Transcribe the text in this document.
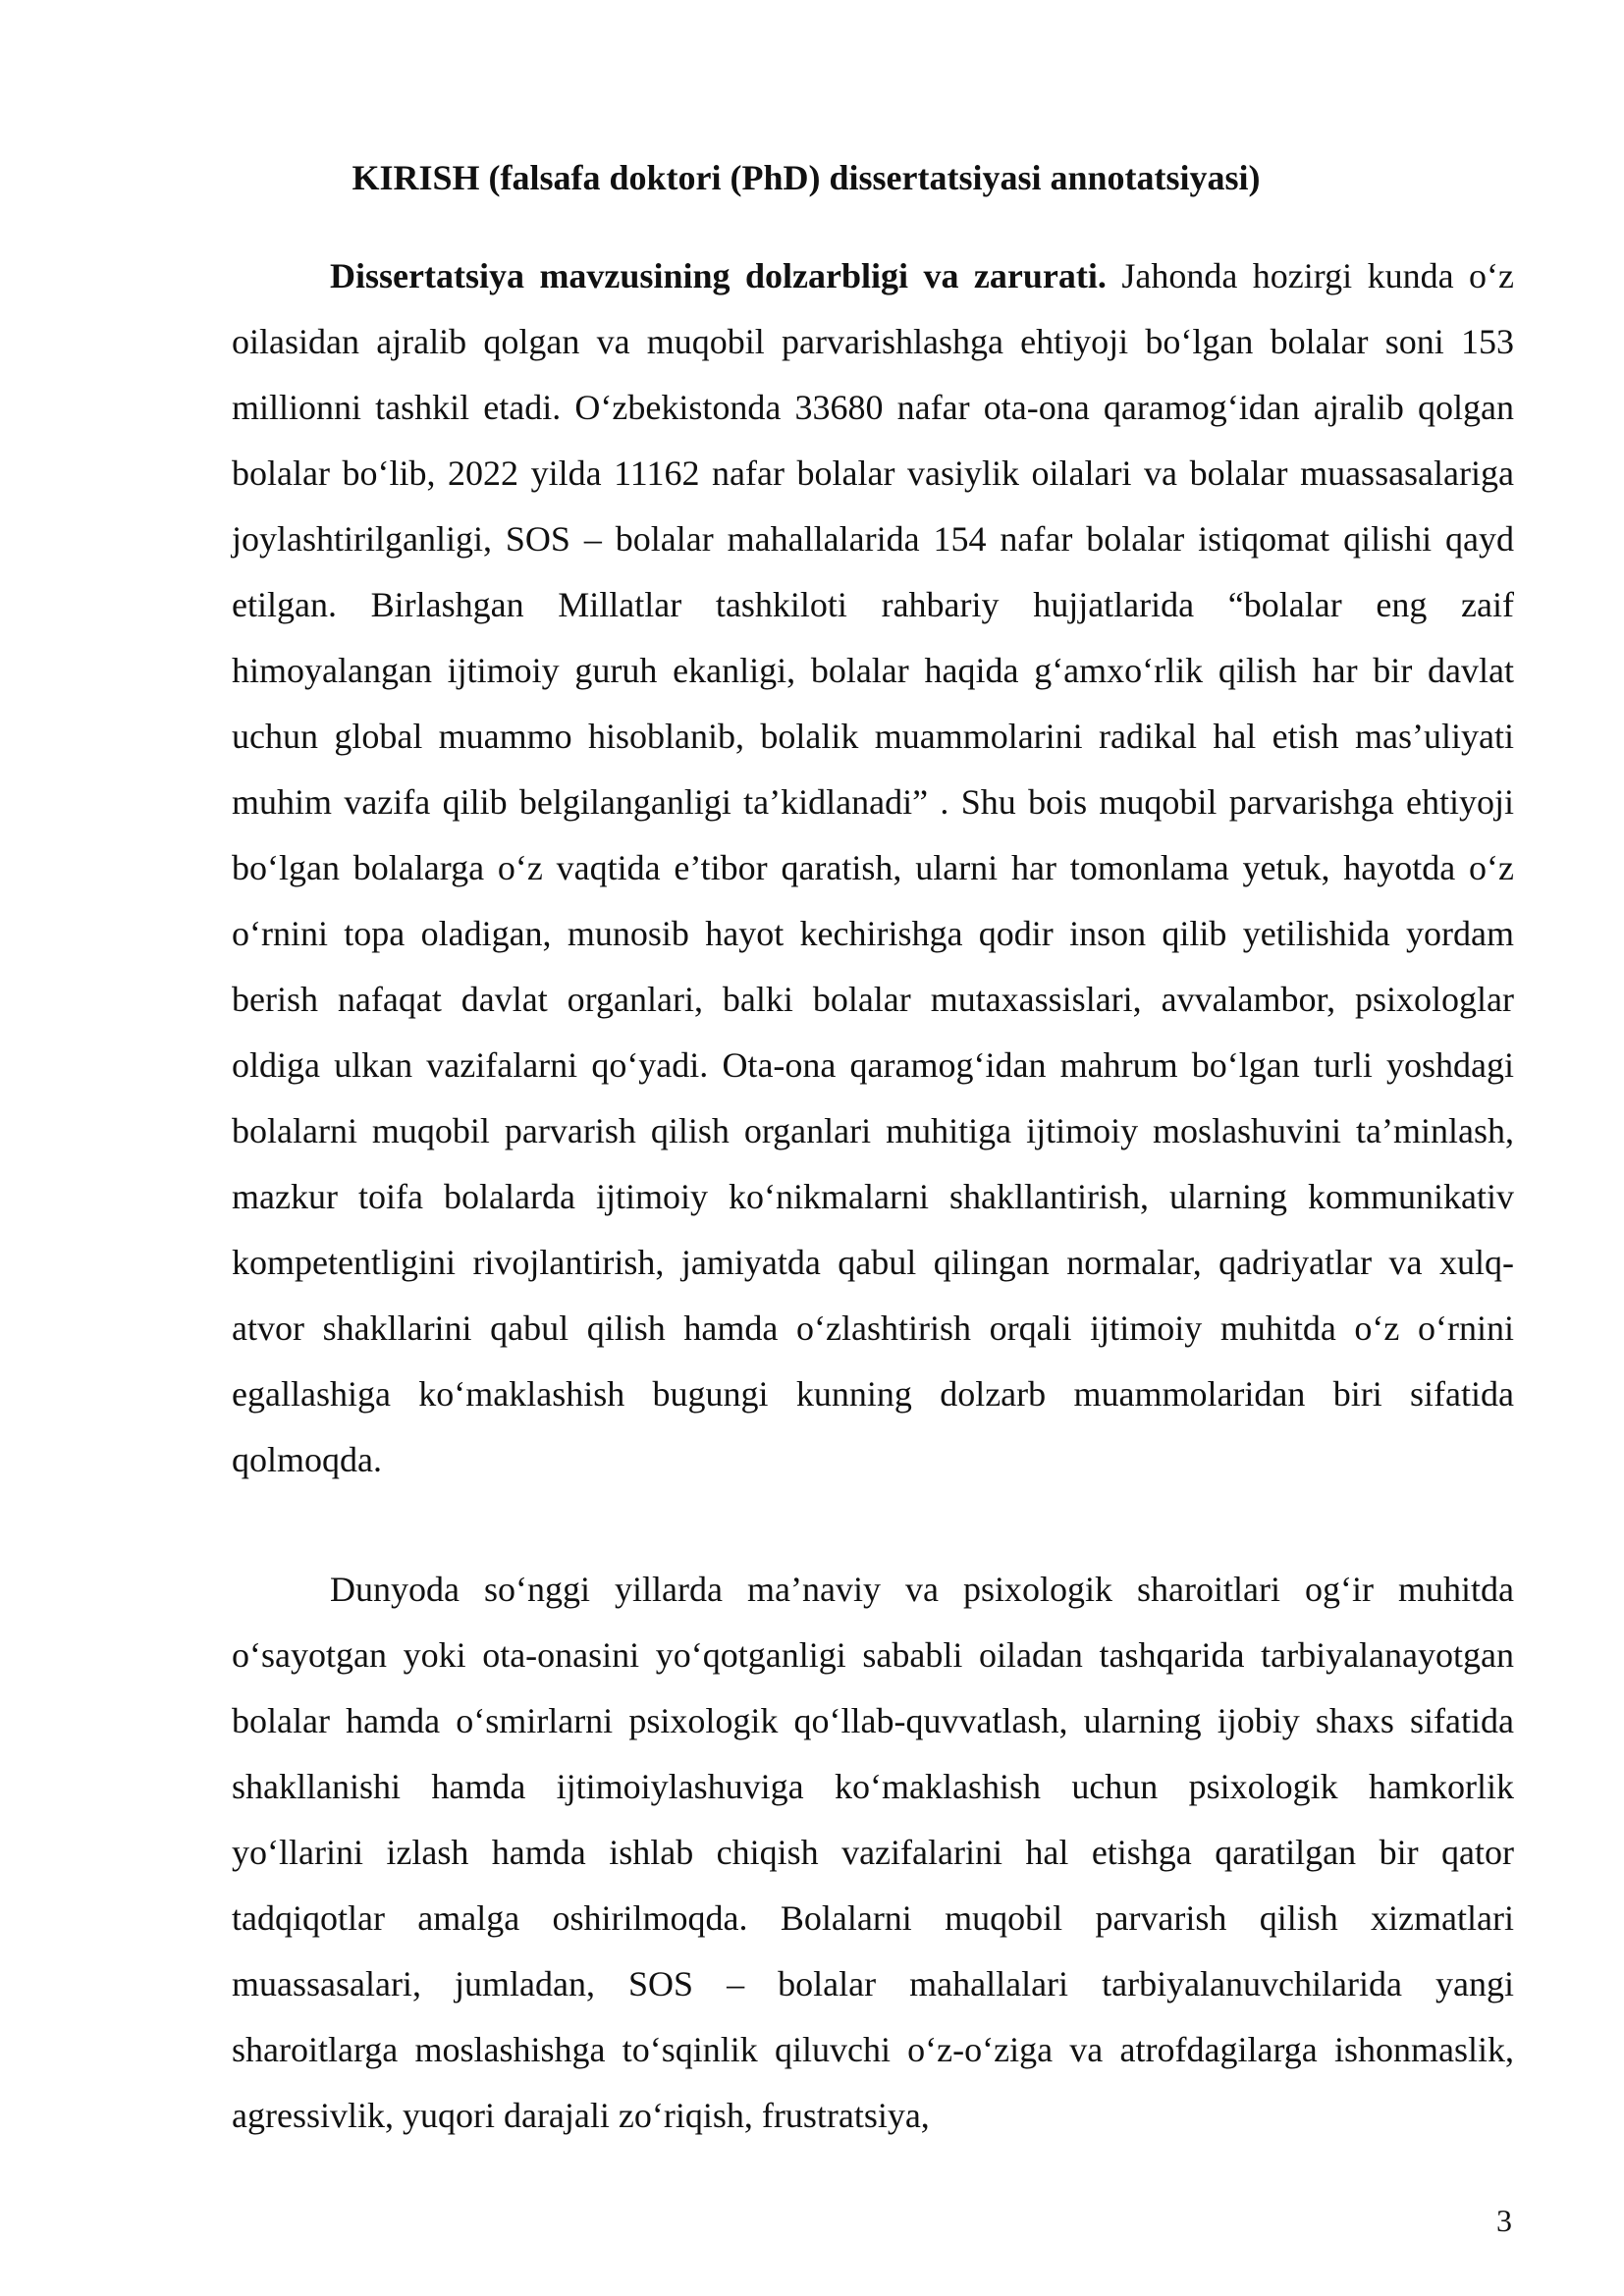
KIRISH (falsafa doktori (PhD) dissertatsiyasi annotatsiyasi)

Dissertatsiya mavzusining dolzarbligi va zarurati. Jahonda hozirgi kunda o‘z oilasidan ajralib qolgan va muqobil parvarishlashga ehtiyoji bo‘lgan bolalar soni 153 millionni tashkil etadi. O‘zbekistonda 33680 nafar ota-ona qaramog‘idan ajralib qolgan bolalar bo‘lib, 2022 yilda 11162 nafar bolalar vasiylik oilalari va bolalar muassasalariga joylashtirilganligi, SOS – bolalar mahallalarida 154 nafar bolalar istiqomat qilishi qayd etilgan. Birlashgan Millatlar tashkiloti rahbariy hujjatlarida “bolalar eng zaif himoyalangan ijtimoiy guruh ekanligi, bolalar haqida g‘amxo‘rlik qilish har bir davlat uchun global muammo hisoblanib, bolalik muammolarini radikal hal etish mas’uliyati muhim vazifa qilib belgilanganligi ta’kidlanadi” . Shu bois muqobil parvarishga ehtiyoji bo‘lgan bolalarga o‘z vaqtida e’tibor qaratish, ularni har tomonlama yetuk, hayotda o‘z o‘rnini topa oladigan, munosib hayot kechirishga qodir inson qilib yetilishida yordam berish nafaqat davlat organlari, balki bolalar mutaxassislari, avvalambor, psixologlar oldiga ulkan vazifalarni qo‘yadi. Ota-ona qaramog‘idan mahrum bo‘lgan turli yoshdagi bolalarni muqobil parvarish qilish organlari muhitiga ijtimoiy moslashuvini ta’minlash, mazkur toifa bolalarda ijtimoiy ko‘nikmalarni shakllantirish, ularning kommunikativ kompetentligini rivojlantirish, jamiyatda qabul qilingan normalar, qadriyatlar va xulq-atvor shakllarini qabul qilish hamda o‘zlashtirish orqali ijtimoiy muhitda o‘z o‘rnini egallashiga ko‘maklashish bugungi kunning dolzarb muammolaridan biri sifatida qolmoqda.

Dunyoda so‘nggi yillarda ma’naviy va psixologik sharoitlari og‘ir muhitda o‘sayotgan yoki ota-onasini yo‘qotganligi sababli oiladan tashqarida tarbiyalanayotgan bolalar hamda o‘smirlarni psixologik qo‘llab-quvvatlash, ularning ijobiy shaxs sifatida shakllanishi hamda ijtimoiylashuviga ko‘maklashish uchun psixologik hamkorlik yo‘llarini izlash hamda ishlab chiqish vazifalarini hal etishga qaratilgan bir qator tadqiqotlar amalga oshirilmoqda. Bolalarni muqobil parvarish qilish xizmatlari muassasalari, jumladan, SOS – bolalar mahallalari tarbiyalanuvchilarida yangi sharoitlarga moslashishga to‘sqinlik qiluvchi o‘z-o‘ziga va atrofdagilarga ishonmaslik, agressivlik, yuqori darajali zo‘riqish, frustratsiya,

3
